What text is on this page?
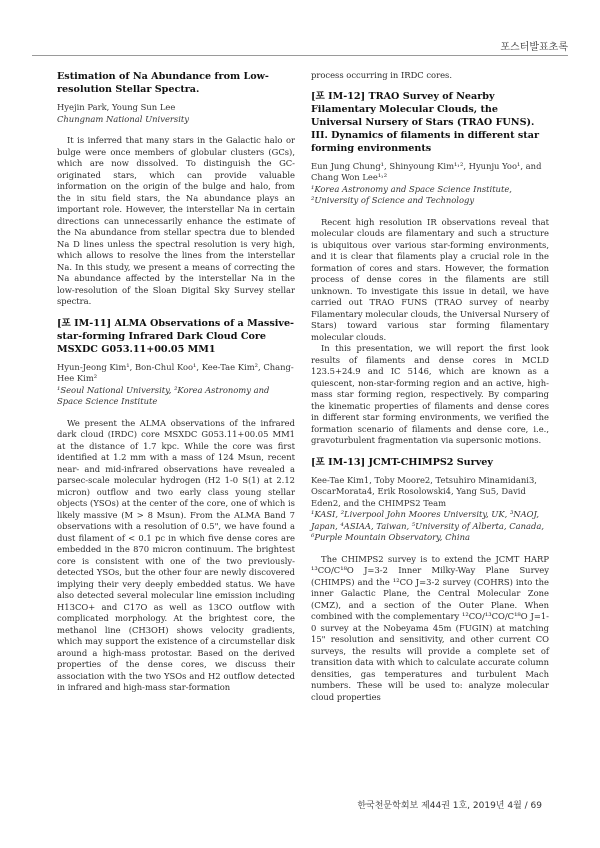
포스터발표초록

Estimation of Na Abundance from Low-resolution Stellar Spectra.

Hyejin Park, Young Sun Lee

Chungnam National University

It is inferred that many stars in the Galactic halo or bulge were once members of globular clusters (GCs), which are now dissolved. To distinguish the GC-originated stars, which can provide valuable information on the origin of the bulge and halo, from the in situ field stars, the Na abundance plays an important role. However, the interstellar Na in certain directions can unnecessarily enhance the estimate of the Na abundance from stellar spectra due to blended Na D lines unless the spectral resolution is very high, which allows to resolve the lines from the interstellar Na. In this study, we present a means of correcting the Na abundance affected by the interstellar Na in the low-resolution of the Sloan Digital Sky Survey stellar spectra.

[포 IM-11] ALMA Observations of a Massive-star-forming Infrared Dark Cloud Core MSXDC G053.11+00.05 MM1

Hyun-Jeong Kim¹, Bon-Chul Koo¹, Kee-Tae Kim², Chang-Hee Kim²

¹Seoul National University, ²Korea Astronomy and Space Science Institute

We present the ALMA observations of the infrared dark cloud (IRDC) core MSXDC G053.11+00.05 MM1 at the distance of 1.7 kpc. While the core was first identified at 1.2 mm with a mass of 124 Msun, recent near- and mid-infrared observations have revealed a parsec-scale molecular hydrogen (H2 1-0 S(1) at 2.12 micron) outflow and two early class young stellar objects (YSOs) at the center of the core, one of which is likely massive (M > 8 Msun). From the ALMA Band 7 observations with a resolution of 0.5", we have found a dust filament of < 0.1 pc in which five dense cores are embedded in the 870 micron continuum. The brightest core is consistent with one of the two previously-detected YSOs, but the other four are newly discovered implying their very deeply embedded status. We have also detected several molecular line emission including H13CO+ and C17O as well as 13CO outflow with complicated morphology. At the brightest core, the methanol line (CH3OH) shows velocity gradients, which may support the existence of a circumstellar disk around a high-mass protostar. Based on the derived properties of the dense cores, we discuss their association with the two YSOs and H2 outflow detected in infrared and high-mass star-formation

process occurring in IRDC cores.

[포 IM-12] TRAO Survey of Nearby Filamentary Molecular Clouds, the Universal Nursery of Stars (TRAO FUNS). III. Dynamics of filaments in different star forming environments

Eun Jung Chung¹, Shinyoung Kim¹˒², Hyunju Yoo¹, and Chang Won Lee¹˒²

¹Korea Astronomy and Space Science Institute, ²University of Science and Technology

Recent high resolution IR observations reveal that molecular clouds are filamentary and such a structure is ubiquitous over various star-forming environments, and it is clear that filaments play a crucial role in the formation of cores and stars. However, the formation process of dense cores in the filaments are still unknown. To investigate this issue in detail, we have carried out TRAO FUNS (TRAO survey of nearby Filamentary molecular clouds, the Universal Nursery of Stars) toward various star forming filamentary molecular clouds.

In this presentation, we will report the first look results of filaments and dense cores in MCLD 123.5+24.9 and IC 5146, which are known as a quiescent, non-star-forming region and an active, high-mass star forming region, respectively. By comparing the kinematic properties of filaments and dense cores in different star forming environments, we verified the formation scenario of filaments and dense core, i.e., gravoturbulent fragmentation via supersonic motions.

[포 IM-13] JCMT-CHIMPS2 Survey

Kee-Tae Kim1, Toby Moore2, Tetsuhiro Minamidani3, OscarMorata4, Erik Rosolowski4, Yang Su5, David Eden2, and the CHIMPS2 Team

¹KASI, ²Liverpool John Moores University, UK, ³NAOJ, Japan, ⁴ASIAA, Taiwan, ⁵University of Alberta, Canada, ⁶Purple Mountain Observatory, China

The CHIMPS2 survey is to extend the JCMT HARP ¹³CO/C¹⁸O J=3-2 Inner Milky-Way Plane Survey (CHIMPS) and the ¹²CO J=3-2 survey (COHRS) into the inner Galactic Plane, the Central Molecular Zone (CMZ), and a section of the Outer Plane. When combined with the complementary ¹²CO/¹³CO/C¹⁸O J=1-0 survey at the Nobeyama 45m (FUGIN) at matching 15" resolution and sensitivity, and other current CO surveys, the results will provide a complete set of transition data with which to calculate accurate column densities, gas temperatures and turbulent Mach numbers. These will be used to: analyze molecular cloud properties

한국천문학회보 제44권 1호, 2019년 4월 / 69
